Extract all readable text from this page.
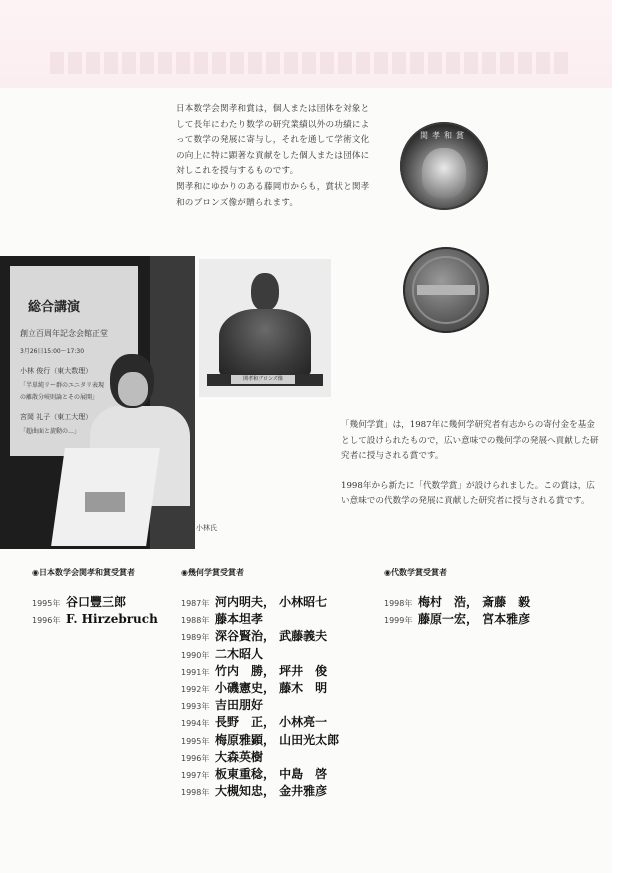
日本数学会関孝和賞は，個人または団体を対象として長年にわたり数学の研究業績以外の功績によって数学の発展に寄与し，それを通して学術文化の向上に特に顕著な貢献をした個人または団体に対しこれを授与するものです。

関孝和にゆかりのある藤岡市からも，賞状と関孝和のブロンズ像が贈られます。

関孝和賞
総合講演
創立百周年記念会館正堂
3月26日15:00〜17:30
小林 俊行（東大数理）
「半単純リー群のユニタリ表現
の離散分岐則論とその展開」
宮岡 礼子（東工大理）
「超曲面と旋動の…」
関孝和ブロンズ像
小林氏

「幾何学賞」は，1987年に幾何学研究者有志からの寄付金を基金として設けられたもので，広い意味での幾何学の発展へ貢献した研究者に授与される賞です。

1998年から新たに「代数学賞」が設けられました。この賞は，広い意味での代数学の発展に貢献した研究者に授与される賞です。

◉日本数学会関孝和賞受賞者
1995年 谷口豐三郎
1996年 F. Hirzebruch
◉幾何学賞受賞者
1987年 河内明夫， 小林昭七
1988年 藤本坦孝
1989年 深谷賢治， 武藤義夫
1990年 二木昭人
1991年 竹内　勝， 坪井　俊
1992年 小磯憲史， 藤木　明
1993年 吉田朋好
1994年 長野　正， 小林亮一
1995年 梅原雅顕， 山田光太郎
1996年 大森英樹
1997年 板東重稔， 中島　啓
1998年 大槻知忠， 金井雅彦
◉代数学賞受賞者
1998年 梅村　浩， 斎藤　毅
1999年 藤原一宏， 宮本雅彦
